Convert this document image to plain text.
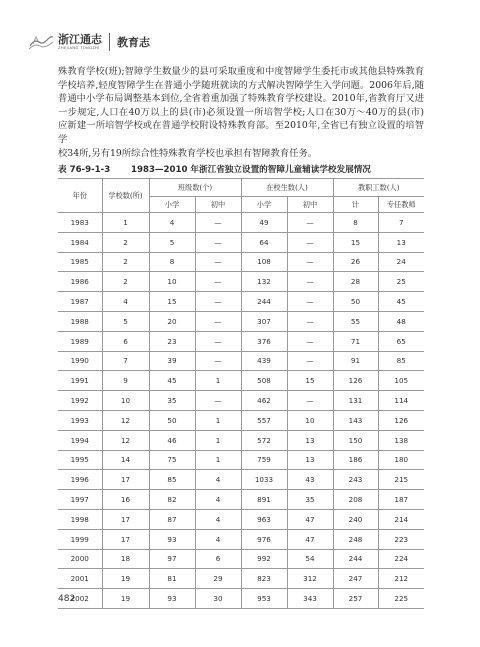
浙江通志
ZHEJIANG TONGZHI 教育志

殊教育学校(班);智障学生数量少的县可采取重度和中度智障学生委托市或其他县特殊教育

学校培养,轻度智障学生在普通小学随班就读的方式解决智障学生入学问题。2006年后,随

普通中小学布局调整基本到位,全省着重加强了特殊教育学校建设。2010年,省教育厅又进

一步规定,人口在40万以上的县(市)必须设置一所培智学校;人口在30万～40万的县(市)

应新建一所培智学校或在普通学校附设特殊教育部。至2010年,全省已有独立设置的培智学

校34所,另有19所综合性特殊教育学校也承担有智障教育任务。

表 76-9-1-3	1983—2010 年浙江省独立设置的智障儿童辅读学校发展情况
年份	学校数(所)	班级数(个)		在校生数(人)		教职工数(人)	
		小学	初中	小学	初中	计	专任教师
1983	1	4	—	49	—	8	7
1984	2	5	—	64	—	15	13
1985	2	8	—	108	—	26	24
1986	2	10	—	132	—	28	25
1987	4	15	—	244	—	50	45
1988	5	20	—	307	—	55	48
1989	6	23	—	376	—	71	65
1990	7	39	—	439	—	91	85
1991	9	45	1	508	15	126	105
1992	10	35	—	462	—	131	114
1993	12	50	1	557	10	143	126
1994	12	46	1	572	13	150	138
1995	14	75	1	759	13	186	180
1996	17	85	4	1033	43	243	215
1997	16	82	4	891	35	208	187
1998	17	87	4	963	47	240	214
1999	17	93	4	976	47	248	223
2000	18	97	6	992	54	244	224
2001	19	81	29	823	312	247	212
2002	19	93	30	953	343	257	225
482
